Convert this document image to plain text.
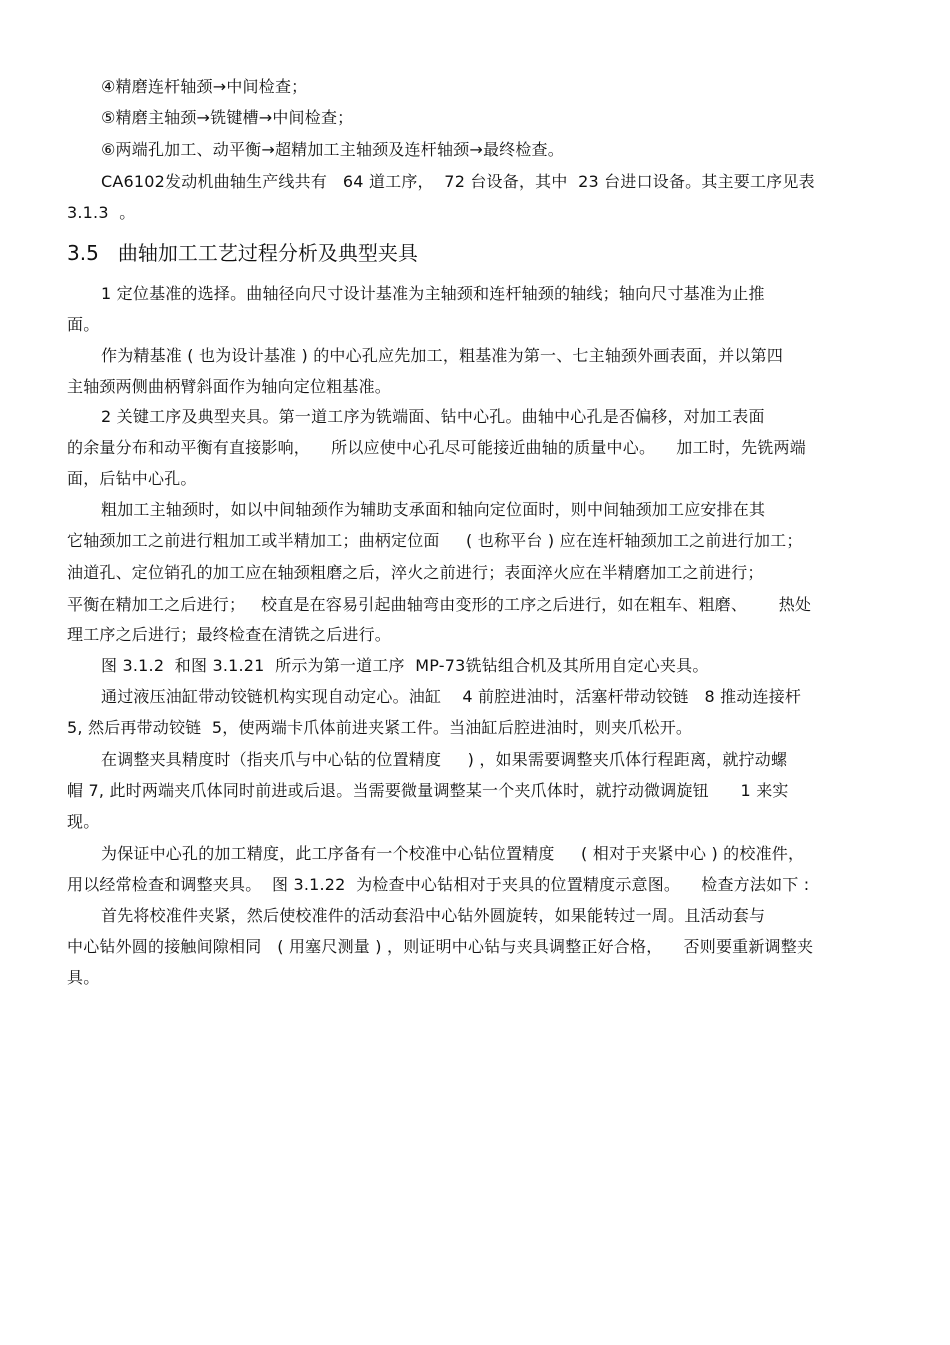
④精磨连杆轴颈→中间检查；
⑤精磨主轴颈→铣键槽→中间检查；
⑥两端孔加工、动平衡→超精加工主轴颈及连杆轴颈→最终检查。
CA6102发动机曲轴生产线共有   64 道工序，  72 台设备，其中  23 台进口设备。其主要工序见表
3.1.3  。
3.5   曲轴加工工艺过程分析及典型夹具
1 定位基准的选择。曲轴径向尺寸设计基准为主轴颈和连杆轴颈的轴线；轴向尺寸基准为止推
面。
作为精基准 ( 也为设计基准 ) 的中心孔应先加工，粗基准为第一、七主轴颈外画表面，并以第四
主轴颈两侧曲柄臂斜面作为轴向定位粗基准。
2 关键工序及典型夹具。第一道工序为铣端面、钻中心孔。曲轴中心孔是否偏移，对加工表面
的余量分布和动平衡有直接影响，    所以应使中心孔尽可能接近曲轴的质量中心。    加工时，先铣两端
面，后钻中心孔。
粗加工主轴颈时，如以中间轴颈作为辅助支承面和轴向定位面时，则中间轴颈加工应安排在其
它轴颈加工之前进行粗加工或半精加工；曲柄定位面     ( 也称平台 ) 应在连杆轴颈加工之前进行加工；
油道孔、定位销孔的加工应在轴颈粗磨之后，淬火之前进行；表面淬火应在半精磨加工之前进行；
平衡在精加工之后进行；   校直是在容易引起曲轴弯由变形的工序之后进行，如在粗车、粗磨、      热处
理工序之后进行；最终检查在清铣之后进行。
图 3.1.2  和图 3.1.21  所示为第一道工序  MP-73铣钻组合机及其所用自定心夹具。
通过液压油缸带动铰链机构实现自动定心。油缸    4 前腔进油时，活塞杆带动铰链   8 推动连接杆
5, 然后再带动铰链  5，使两端卡爪体前进夹紧工件。当油缸后腔进油时，则夹爪松开。
在调整夹具精度时（指夹爪与中心钻的位置精度     ) ，如果需要调整夹爪体行程距离，就拧动螺
帽 7, 此时两端夹爪体同时前进或后退。当需要微量调整某一个夹爪体时，就拧动微调旋钮      1 来实
现。
为保证中心孔的加工精度，此工序备有一个校准中心钻位置精度     ( 相对于夹紧中心 ) 的校准件，
用以经常检查和调整夹具。  图 3.1.22  为检查中心钻相对于夹具的位置精度示意图。    检查方法如下 :
首先将校准件夹紧，然后使校准件的活动套沿中心钻外圆旋转，如果能转过一周。且活动套与
中心钻外圆的接触间隙相同   ( 用塞尺测量 ) ，则证明中心钻与夹具调整正好合格，    否则要重新调整夹
具。
